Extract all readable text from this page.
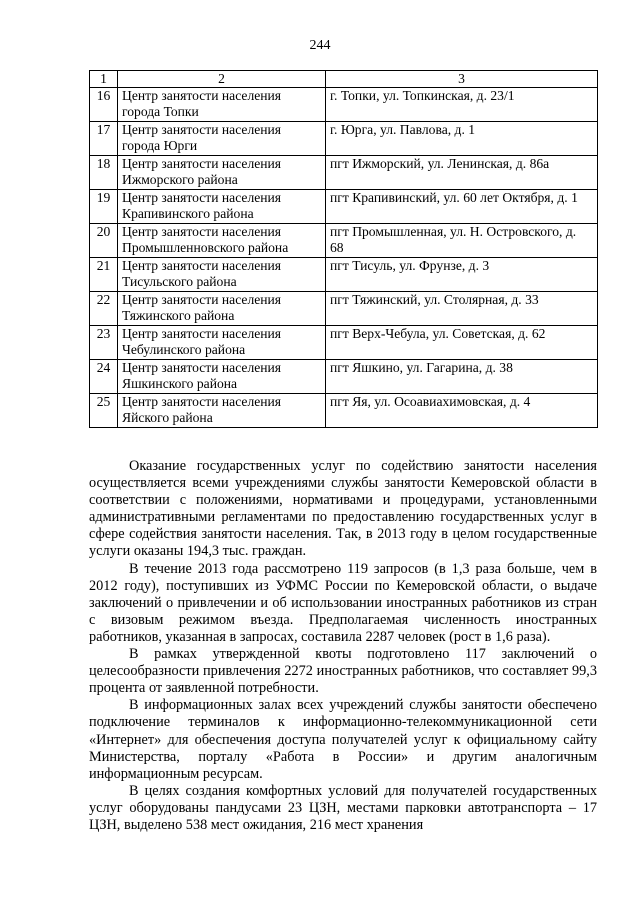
244
1	2	3
16	Центр занятости населения города Топки	г. Топки, ул. Топкинская, д. 23/1
17	Центр занятости населения города Юрги	г. Юрга, ул. Павлова, д. 1
18	Центр занятости населения Ижморского района	пгт Ижморский, ул. Ленинская, д. 86а
19	Центр занятости населения Крапивинского района	пгт Крапивинский, ул. 60 лет Октября, д. 1
20	Центр занятости населения Промышленновского района	пгт Промышленная, ул. Н. Островского, д. 68
21	Центр занятости населения Тисульского района	пгт Тисуль, ул. Фрунзе, д. 3
22	Центр занятости населения Тяжинского района	пгт Тяжинский, ул. Столярная, д. 33
23	Центр занятости населения Чебулинского района	пгт Верх-Чебула, ул. Советская, д. 62
24	Центр занятости населения Яшкинского района	пгт Яшкино, ул. Гагарина, д. 38
25	Центр занятости населения Яйского района	пгт Яя, ул. Осоавиахимовская, д. 4

Оказание государственных услуг по содействию занятости населения осуществляется всеми учреждениями службы занятости Кемеровской области в соответствии с положениями, нормативами и процедурами, установленными административными регламентами по предоставлению государственных услуг в сфере содействия занятости населения. Так, в 2013 году в целом государственные услуги оказаны 194,3 тыс. граждан.

В течение 2013 года рассмотрено 119 запросов (в 1,3 раза больше, чем в 2012 году), поступивших из УФМС России по Кемеровской области, о выдаче заключений о привлечении и об использовании иностранных работников из стран с визовым режимом въезда. Предполагаемая численность иностранных работников, указанная в запросах, составила 2287 человек (рост в 1,6 раза).

В рамках утвержденной квоты подготовлено 117 заключений о целесообразности привлечения 2272 иностранных работников, что составляет 99,3 процента от заявленной потребности.

В информационных залах всех учреждений службы занятости обеспечено подключение терминалов к информационно-телекоммуникационной сети «Интернет» для обеспечения доступа получателей услуг к официальному сайту Министерства, порталу «Работа в России» и другим аналогичным информационным ресурсам.

В целях создания комфортных условий для получателей государственных услуг оборудованы пандусами 23 ЦЗН, местами парковки автотранспорта – 17 ЦЗН, выделено 538 мест ожидания, 216 мест хранения
